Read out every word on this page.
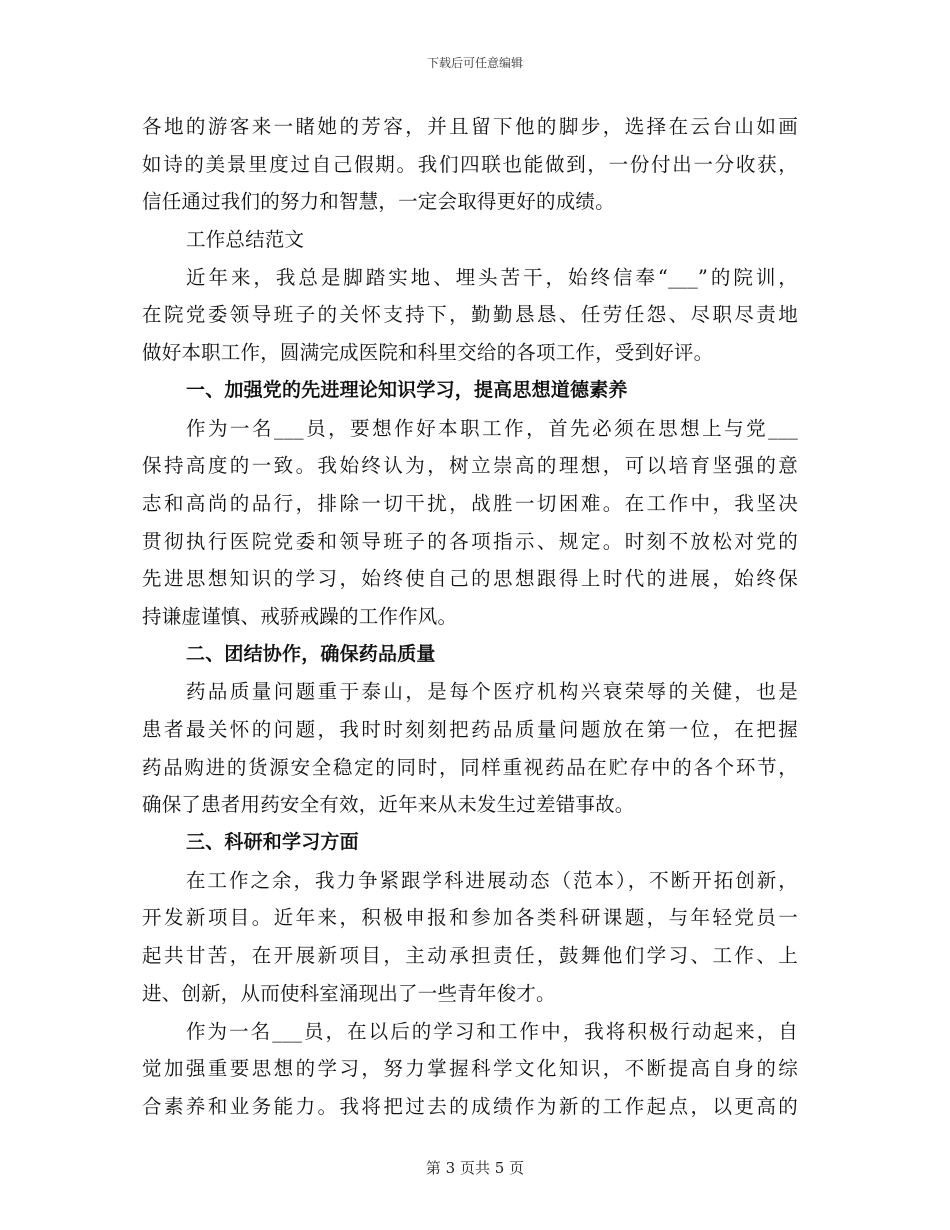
下载后可任意编辑
各地的游客来一睹她的芳容，并且留下他的脚步，选择在云台山如画
如诗的美景里度过自己假期。我们四联也能做到，一份付出一分收获，
信任通过我们的努力和智慧，一定会取得更好的成绩。
工作总结范文
近年来，我总是脚踏实地、埋头苦干，始终信奉“___”的院训，
在院党委领导班子的关怀支持下，勤勤恳恳、任劳任怨、尽职尽责地
做好本职工作，圆满完成医院和科里交给的各项工作，受到好评。
一、加强党的先进理论知识学习，提高思想道德素养
作为一名___员，要想作好本职工作，首先必须在思想上与党___
保持高度的一致。我始终认为，树立崇高的理想，可以培育坚强的意
志和高尚的品行，排除一切干扰，战胜一切困难。在工作中，我坚决
贯彻执行医院党委和领导班子的各项指示、规定。时刻不放松对党的
先进思想知识的学习，始终使自己的思想跟得上时代的进展，始终保
持谦虚谨慎、戒骄戒躁的工作作风。
二、团结协作，确保药品质量
药品质量问题重于泰山，是每个医疗机构兴衰荣辱的关健，也是
患者最关怀的问题，我时时刻刻把药品质量问题放在第一位，在把握
药品购进的货源安全稳定的同时，同样重视药品在贮存中的各个环节，
确保了患者用药安全有效，近年来从未发生过差错事故。
三、科研和学习方面
在工作之余，我力争紧跟学科进展动态（范本），不断开拓创新，
开发新项目。近年来，积极申报和参加各类科研课题，与年轻党员一
起共甘苦，在开展新项目，主动承担责任，鼓舞他们学习、工作、上
进、创新，从而使科室涌现出了一些青年俊才。
作为一名___员，在以后的学习和工作中，我将积极行动起来，自
觉加强重要思想的学习，努力掌握科学文化知识，不断提高自身的综
合素养和业务能力。我将把过去的成绩作为新的工作起点，以更高的
第 3 页共 5 页
